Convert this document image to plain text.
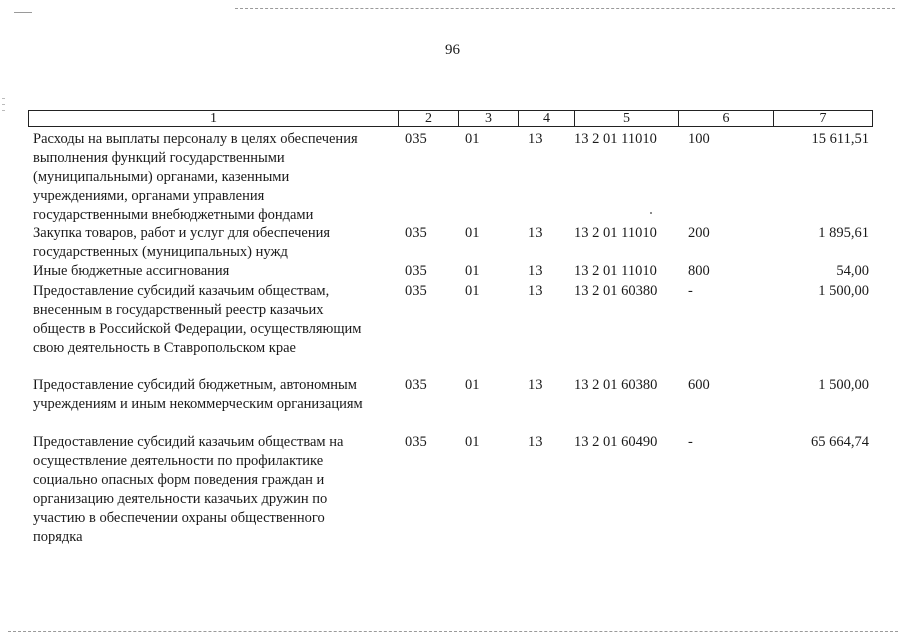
96
1	2	3	4	5	6	7
Расходы на выплаты персоналу в целях обеспечения
выполнения функций государственными
(муниципальными) органами, казенными
учреждениями, органами управления
государственными внебюджетными фондами
035	01	13	13 2 01 11010	100	15 611,51
Закупка товаров, работ и услуг для обеспечения
государственных (муниципальных) нужд
035	01	13	13 2 01 11010	200	1 895,61
Иные бюджетные ассигнования	035	01	13	13 2 01 11010	800	54,00
Предоставление субсидий казачьим обществам,
внесенным в государственный реестр казачьих
обществ в Российской Федерации, осуществляющим
свою деятельность в Ставропольском крае
035	01	13	13 2 01 60380	-	1 500,00
Предоставление субсидий бюджетным, автономным
учреждениям и иным некоммерческим организациям
035	01	13	13 2 01 60380	600	1 500,00
Предоставление субсидий казачьим обществам на
осуществление деятельности по профилактике
социально опасных форм поведения граждан и
организацию деятельности казачьих дружин по
участию в обеспечении охраны общественного
порядка
035	01	13	13 2 01 60490	-	65 664,74
